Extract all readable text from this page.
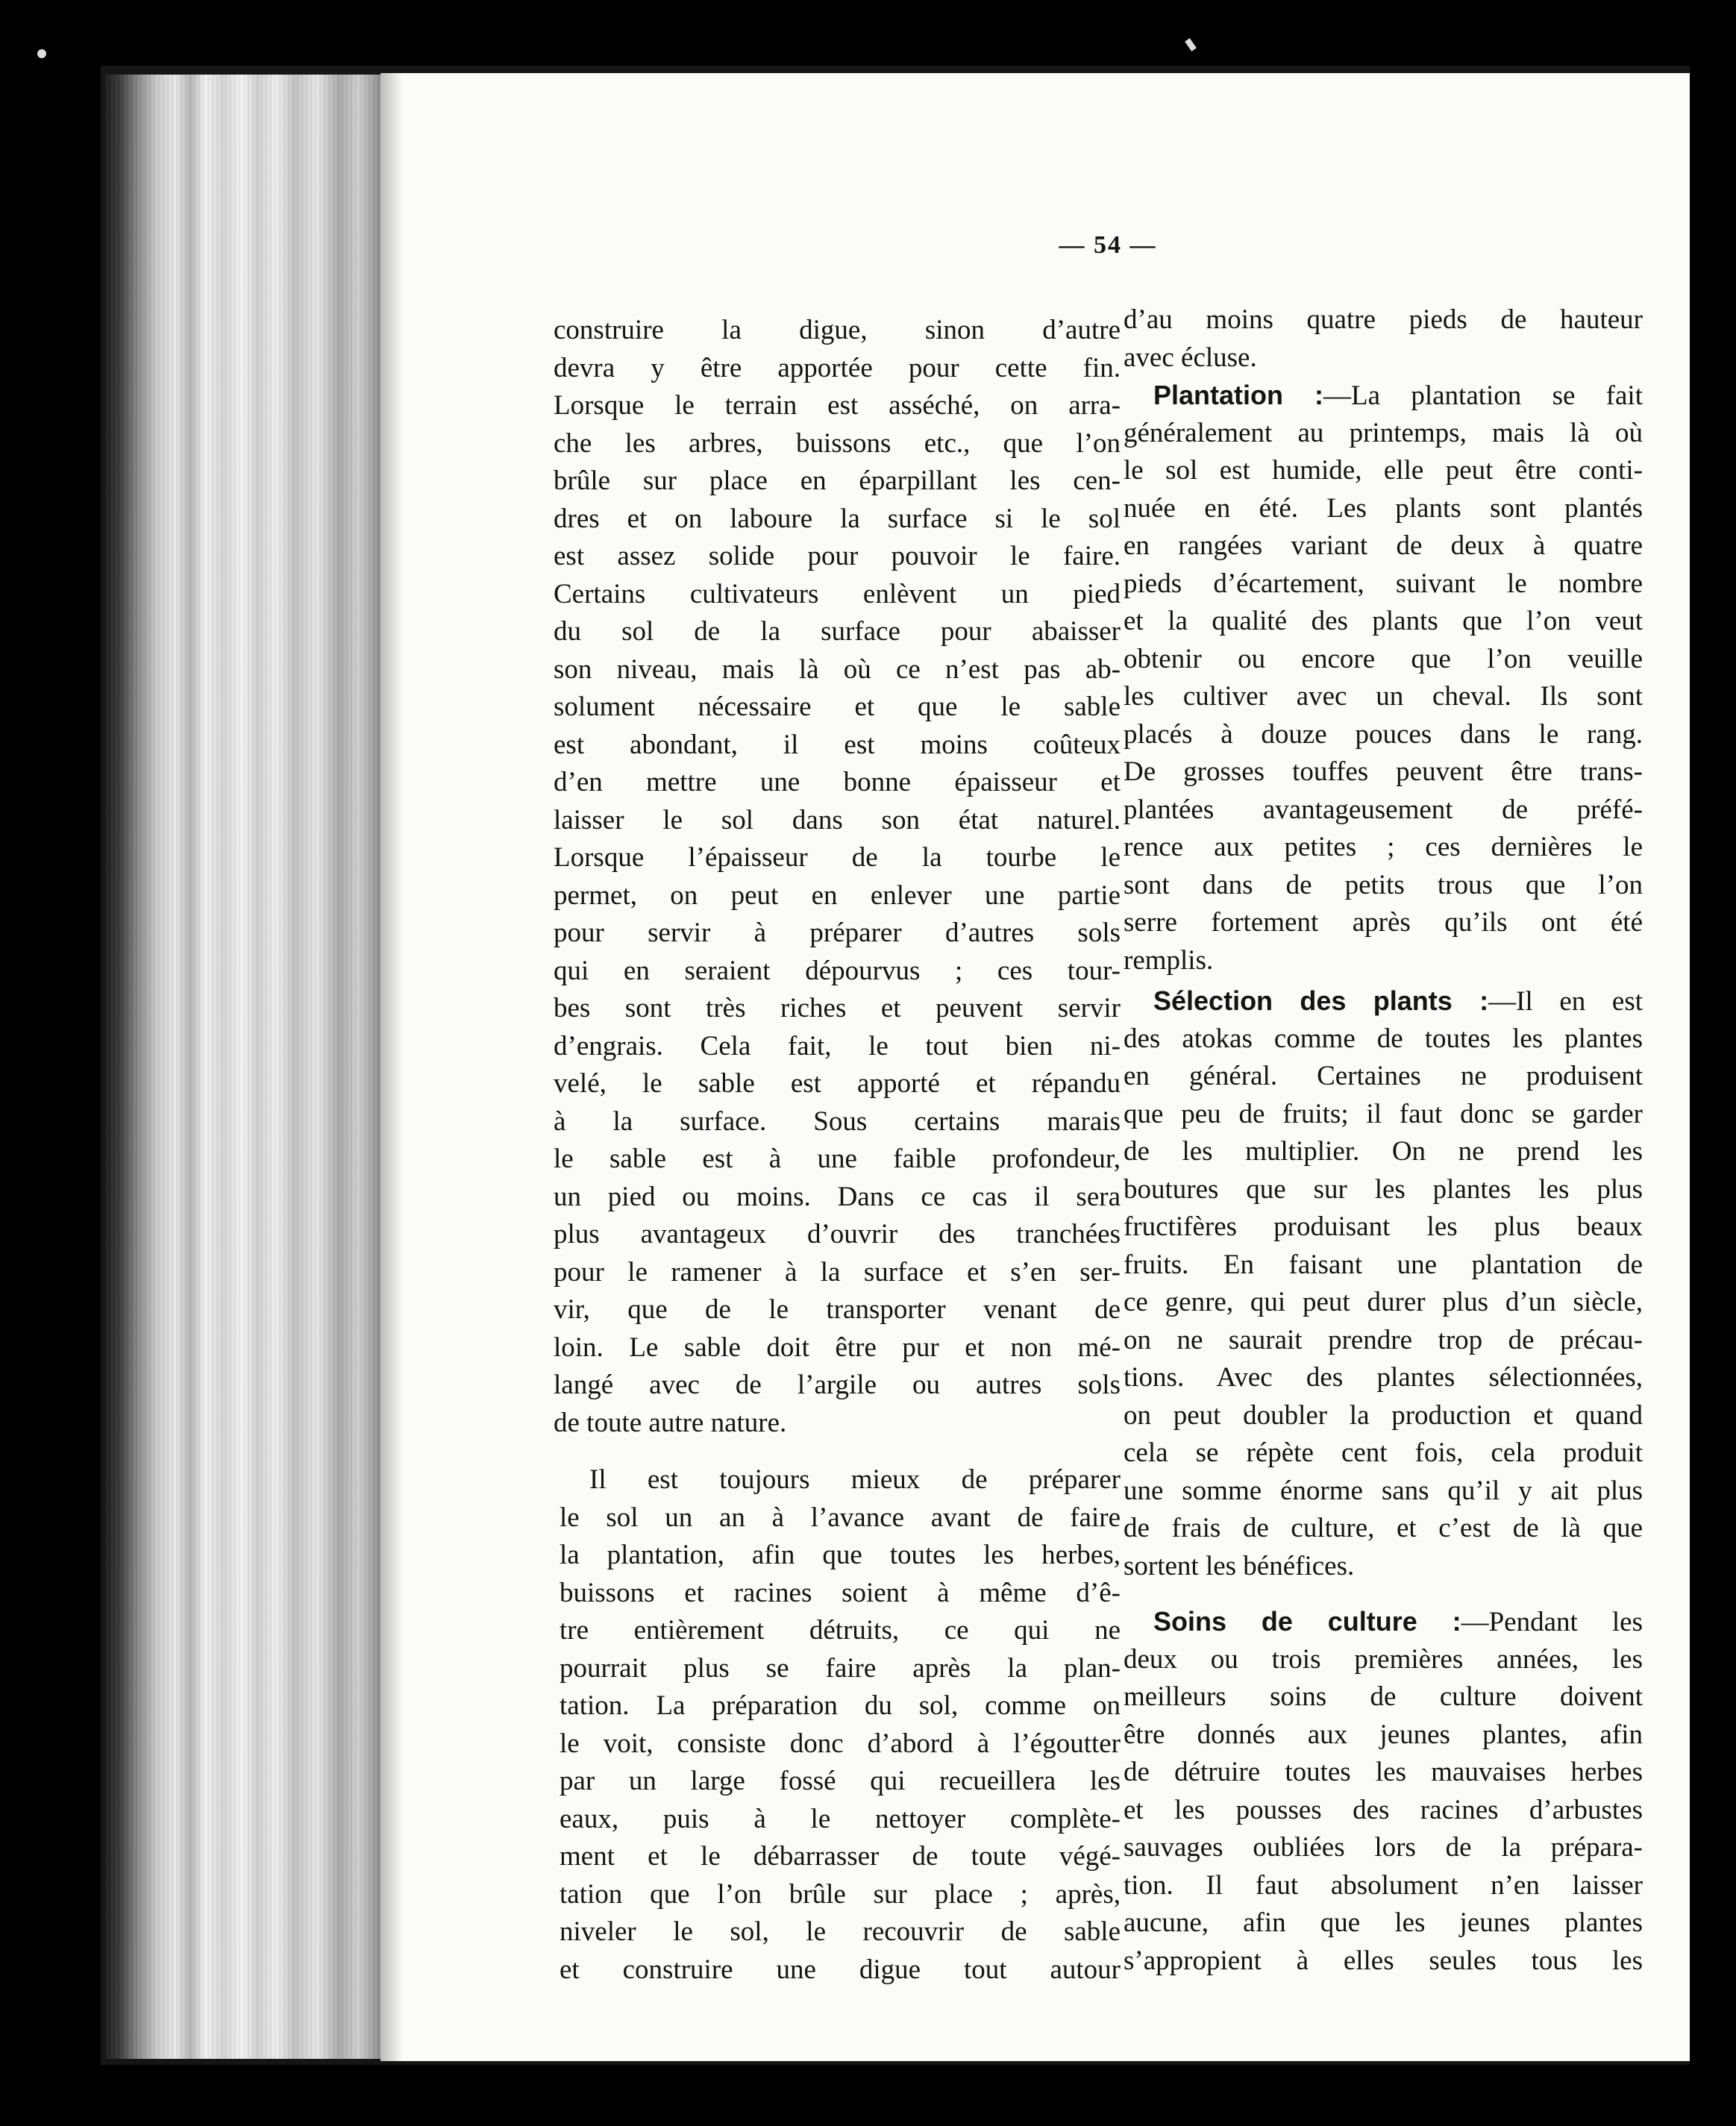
— 54 —
construire la digue, sinon d’autre
devra y être apportée pour cette fin.
Lorsque le terrain est asséché, on arra-
che les arbres, buissons etc., que l’on
brûle sur place en éparpillant les cen-
dres et on laboure la surface si le sol
est assez solide pour pouvoir le faire.
Certains cultivateurs enlèvent un pied
du sol de la surface pour abaisser
son niveau, mais là où ce n’est pas ab-
solument nécessaire et que le sable
est abondant, il est moins coûteux
d’en mettre une bonne épaisseur et
laisser le sol dans son état naturel.
Lorsque l’épaisseur de la tourbe le
permet, on peut en enlever une partie
pour servir à préparer d’autres sols
qui en seraient dépourvus ; ces tour-
bes sont très riches et peuvent servir
d’engrais. Cela fait, le tout bien ni-
velé, le sable est apporté et répandu
à la surface. Sous certains marais
le sable est à une faible profondeur,
un pied ou moins. Dans ce cas il sera
plus avantageux d’ouvrir des tranchées
pour le ramener à la surface et s’en ser-
vir, que de le transporter venant de
loin. Le sable doit être pur et non mé-
langé avec de l’argile ou autres sols
de toute autre nature.
Il est toujours mieux de préparer
le sol un an à l’avance avant de faire
la plantation, afin que toutes les herbes,
buissons et racines soient à même d’ê-
tre entièrement détruits, ce qui ne
pourrait plus se faire après la plan-
tation. La préparation du sol, comme on
le voit, consiste donc d’abord à l’égoutter
par un large fossé qui recueillera les
eaux, puis à le nettoyer complète-
ment et le débarrasser de toute végé-
tation que l’on brûle sur place ; après,
niveler le sol, le recouvrir de sable
et construire une digue tout autour
d’au moins quatre pieds de hauteur
avec écluse.
Plantation :—La plantation se fait
généralement au printemps, mais là où
le sol est humide, elle peut être conti-
nuée en été. Les plants sont plantés
en rangées variant de deux à quatre
pieds d’écartement, suivant le nombre
et la qualité des plants que l’on veut
obtenir ou encore que l’on veuille
les cultiver avec un cheval. Ils sont
placés à douze pouces dans le rang.
De grosses touffes peuvent être trans-
plantées avantageusement de préfé-
rence aux petites ; ces dernières le
sont dans de petits trous que l’on
serre fortement après qu’ils ont été
remplis.
Sélection des plants :—Il en est
des atokas comme de toutes les plantes
en général. Certaines ne produisent
que peu de fruits; il faut donc se garder
de les multiplier. On ne prend les
boutures que sur les plantes les plus
fructifères produisant les plus beaux
fruits. En faisant une plantation de
ce genre, qui peut durer plus d’un siècle,
on ne saurait prendre trop de précau-
tions. Avec des plantes sélectionnées,
on peut doubler la production et quand
cela se répète cent fois, cela produit
une somme énorme sans qu’il y ait plus
de frais de culture, et c’est de là que
sortent les bénéfices.
Soins de culture :—Pendant les
deux ou trois premières années, les
meilleurs soins de culture doivent
être donnés aux jeunes plantes, afin
de détruire toutes les mauvaises herbes
et les pousses des racines d’arbustes
sauvages oubliées lors de la prépara-
tion. Il faut absolument n’en laisser
aucune, afin que les jeunes plantes
s’appropient à elles seules tous les
